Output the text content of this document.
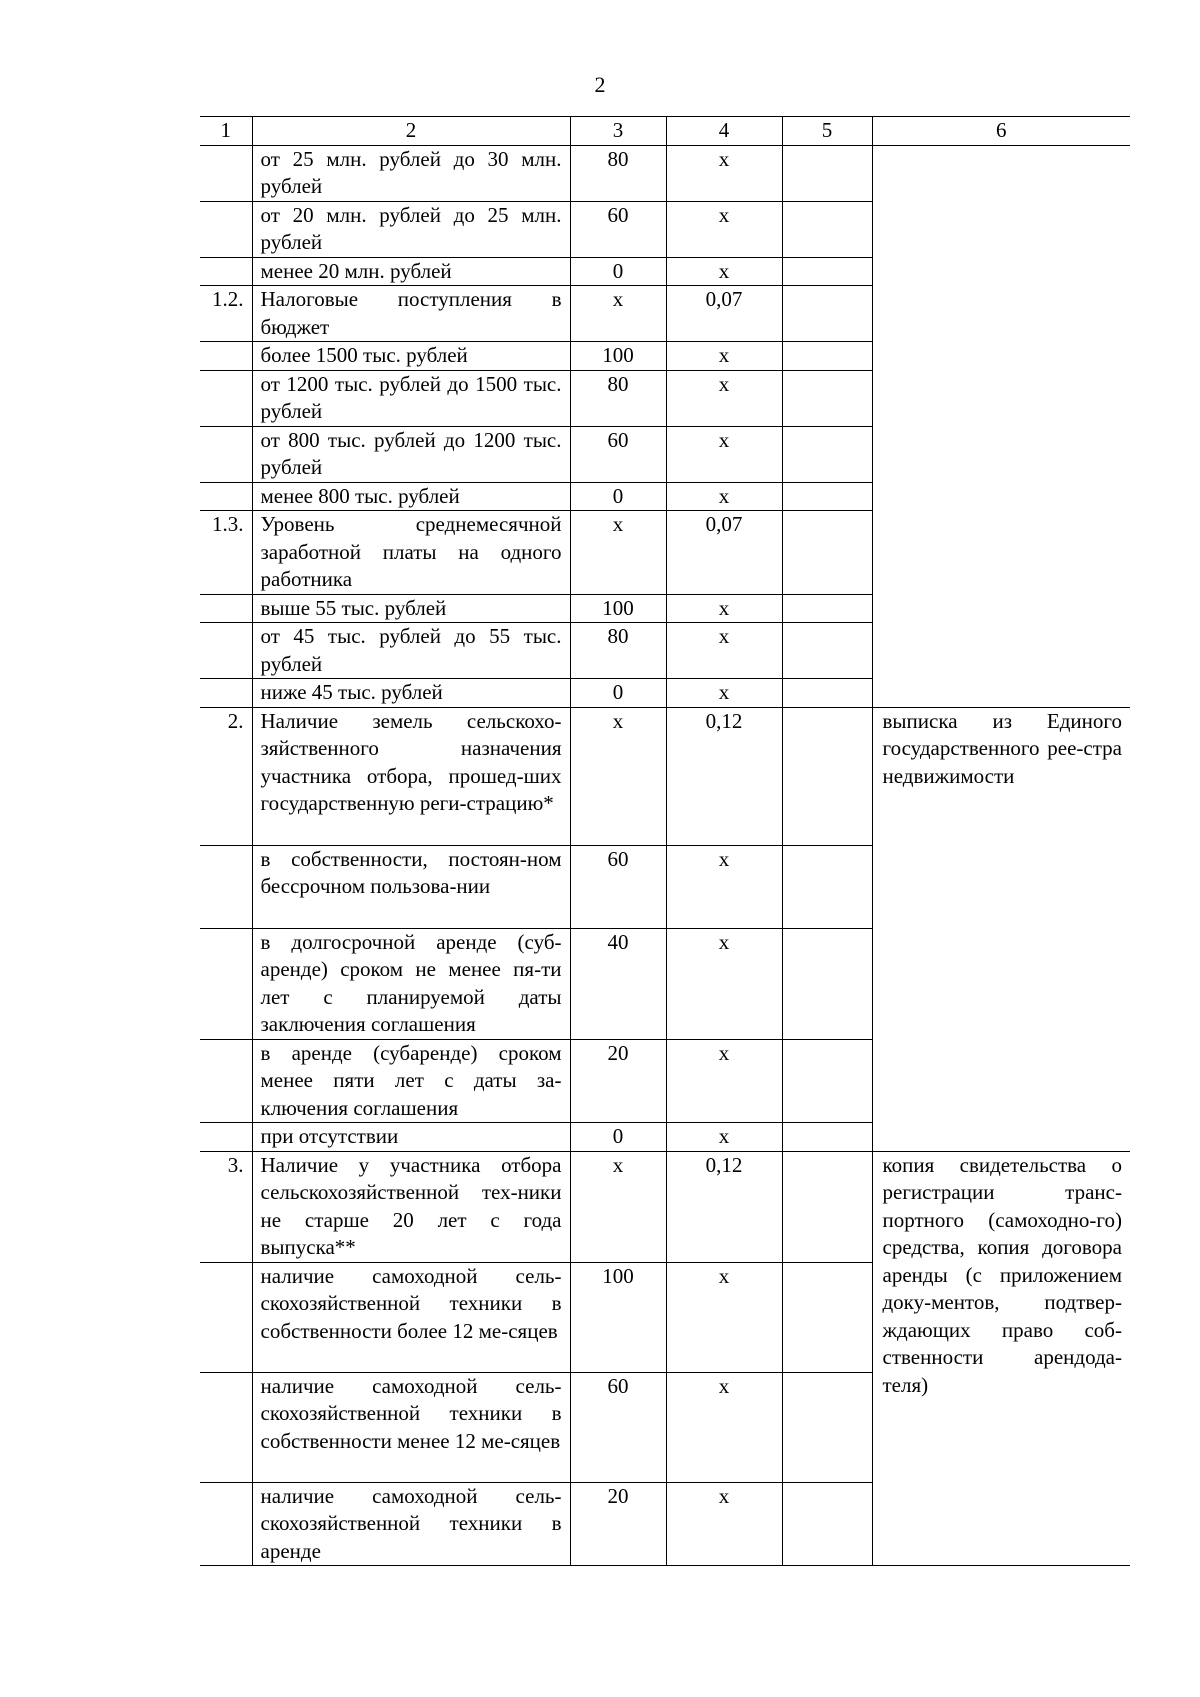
2
1	2	3	4	5	6
	от 25 млн. рублей до 30 млн. рублей	80	x		
	от 20 млн. рублей до 25 млн. рублей	60	x		
	менее 20 млн. рублей	0	x		
1.2.	Налоговые поступления в бюджет	x	0,07		
	более 1500 тыс. рублей	100	x		
	от 1200 тыс. рублей до 1500 тыс. рублей	80	x		
	от 800 тыс. рублей до 1200 тыс. рублей	60	x		
	менее 800 тыс. рублей	0	x		
1.3.	Уровень среднемесячной заработной платы на одного работника	x	0,07		
	выше 55 тыс. рублей	100	x		
	от 45 тыс. рублей до 55 тыс. рублей	80	x		
	ниже 45 тыс. рублей	0	x		
2.	Наличие земель сельскохо-зяйственного назначения участника отбора, прошед-ших государственную реги-страцию*	x	0,12		выписка из Единого государственного рее-стра недвижимости
	в собственности, постоян-ном бессрочном пользова-нии	60	x		
	в долгосрочной аренде (суб-аренде) сроком не менее пя-ти лет с планируемой даты заключения соглашения	40	x		
	в аренде (субаренде) сроком менее пяти лет с даты за-ключения соглашения	20	x		
	при отсутствии	0	x		
3.	Наличие у участника отбора сельскохозяйственной тех-ники не старше 20 лет с года выпуска**	x	0,12		копия свидетельства о регистрации транс-портного (самоходно-го) средства, копия договора аренды (с приложением доку-ментов, подтвер-ждающих право соб-ственности арендода-теля)
	наличие самоходной сель-скохозяйственной техники в собственности более 12 ме-сяцев	100	x		
	наличие самоходной сель-скохозяйственной техники в собственности менее 12 ме-сяцев	60	x		
	наличие самоходной сель-скохозяйственной техники в аренде	20	x		
